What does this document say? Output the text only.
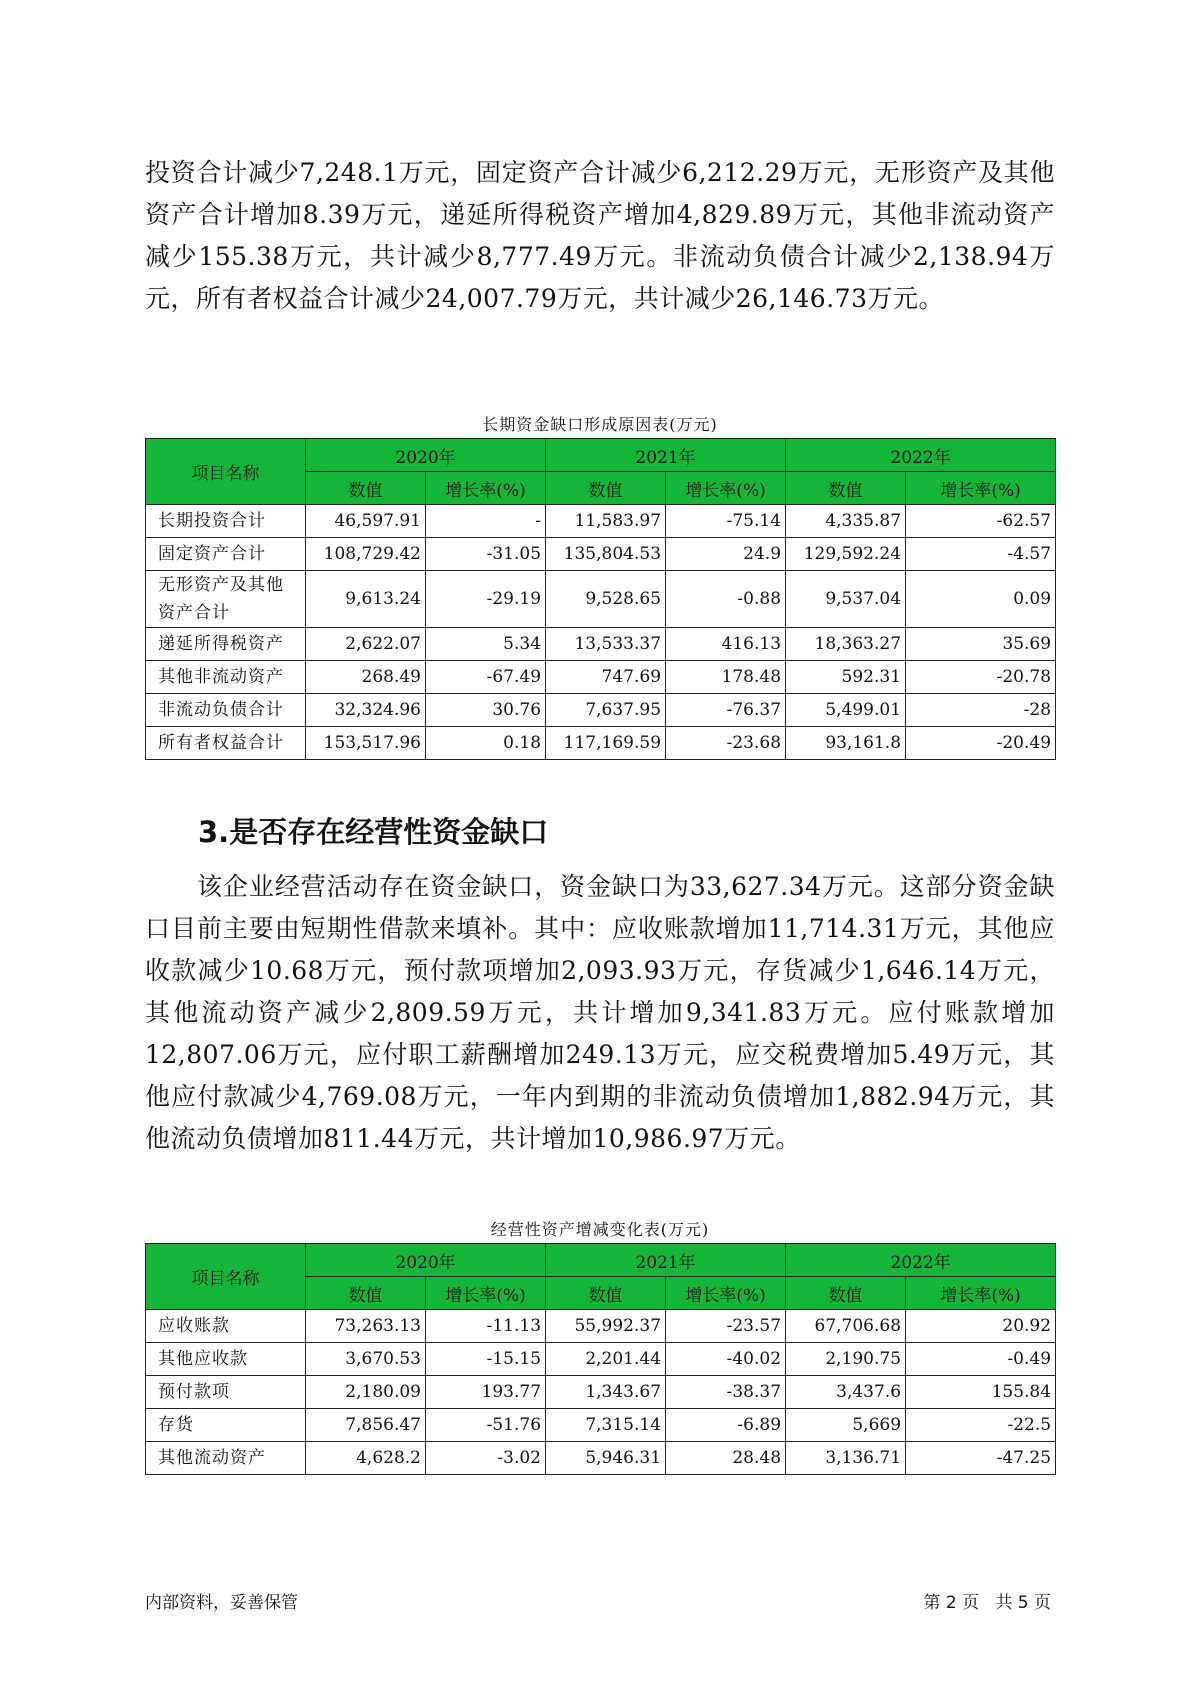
投资合计减少7,248.1万元，固定资产合计减少6,212.29万元，无形资产及其他资产合计增加8.39万元，递延所得税资产增加4,829.89万元，其他非流动资产减少155.38万元，共计减少8,777.49万元。非流动负债合计减少2,138.94万元，所有者权益合计减少24,007.79万元，共计减少26,146.73万元。

长期资金缺口形成原因表(万元)
项目名称	2020年		2021年		2022年	
	数值	增长率(%)	数值	增长率(%)	数值	增长率(%)
长期投资合计	46,597.91	-	11,583.97	-75.14	4,335.87	-62.57
固定资产合计	108,729.42	-31.05	135,804.53	24.9	129,592.24	-4.57
无形资产及其他资产合计	9,613.24	-29.19	9,528.65	-0.88	9,537.04	0.09
递延所得税资产	2,622.07	5.34	13,533.37	416.13	18,363.27	35.69
其他非流动资产	268.49	-67.49	747.69	178.48	592.31	-20.78
非流动负债合计	32,324.96	30.76	7,637.95	-76.37	5,499.01	-28
所有者权益合计	153,517.96	0.18	117,169.59	-23.68	93,161.8	-20.49
3.是否存在经营性资金缺口

该企业经营活动存在资金缺口，资金缺口为33,627.34万元。这部分资金缺口目前主要由短期性借款来填补。其中：应收账款增加11,714.31万元，其他应收款减少10.68万元，预付款项增加2,093.93万元，存货减少1,646.14万元，其他流动资产减少2,809.59万元，共计增加9,341.83万元。应付账款增加12,807.06万元，应付职工薪酬增加249.13万元，应交税费增加5.49万元，其他应付款减少4,769.08万元，一年内到期的非流动负债增加1,882.94万元，其他流动负债增加811.44万元，共计增加10,986.97万元。

经营性资产增减变化表(万元)
项目名称	2020年		2021年		2022年	
	数值	增长率(%)	数值	增长率(%)	数值	增长率(%)
应收账款	73,263.13	-11.13	55,992.37	-23.57	67,706.68	20.92
其他应收款	3,670.53	-15.15	2,201.44	-40.02	2,190.75	-0.49
预付款项	2,180.09	193.77	1,343.67	-38.37	3,437.6	155.84
存货	7,856.47	-51.76	7,315.14	-6.89	5,669	-22.5
其他流动资产	4,628.2	-3.02	5,946.31	28.48	3,136.71	-47.25
内部资料，妥善保管	第 2 页   共 5 页
